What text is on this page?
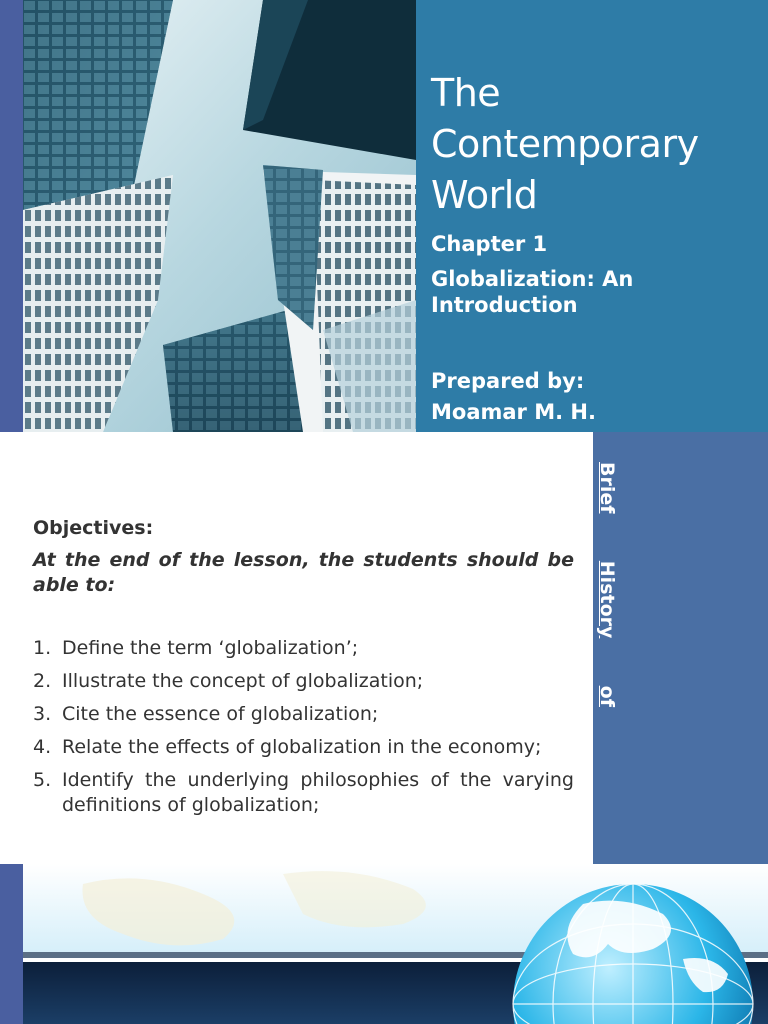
The
Contemporary
World
Chapter 1
Globalization: An Introduction
Prepared by:
Moamar M. H.
Brief
History
of
Objectives:
At the end of the lesson, the students should be able to:
1. Define the term ‘globalization’;
2. Illustrate the concept of globalization;
3. Cite the essence of globalization;
4. Relate the effects of globalization in the economy;
5. Identify the underlying philosophies of the varying definitions of globalization;
